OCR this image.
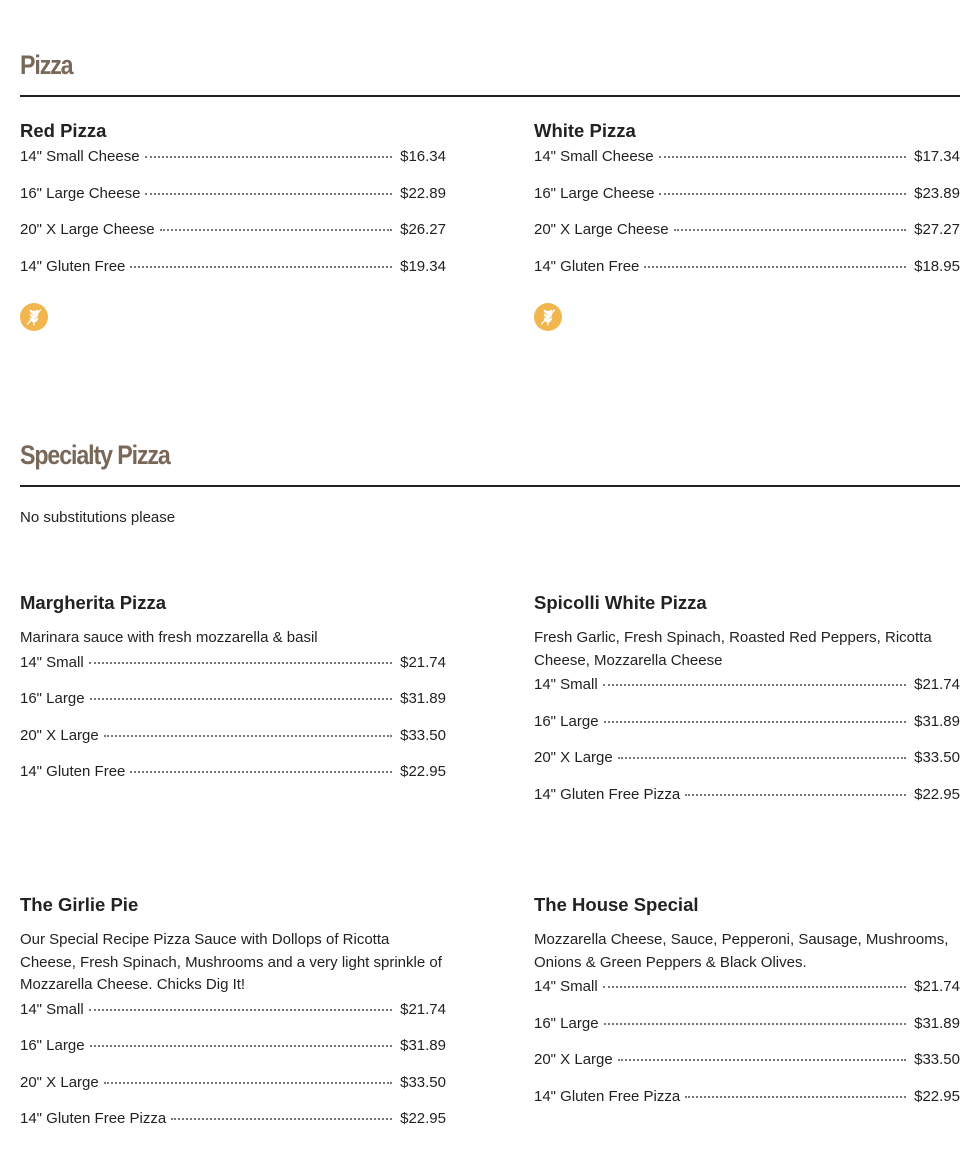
Pizza
Red Pizza
14" Small Cheese	$16.34
16" Large Cheese	$22.89
20" X Large Cheese	$26.27
14" Gluten Free	$19.34
White Pizza
14" Small Cheese	$17.34
16" Large Cheese	$23.89
20" X Large Cheese	$27.27
14" Gluten Free	$18.95
Specialty Pizza
No substitutions please
Margherita Pizza

Marinara sauce with fresh mozzarella & basil

14" Small	$21.74
16" Large	$31.89
20" X Large	$33.50
14" Gluten Free	$22.95
Spicolli White Pizza

Fresh Garlic, Fresh Spinach, Roasted Red Peppers, Ricotta Cheese, Mozzarella Cheese

14" Small	$21.74
16" Large	$31.89
20" X Large	$33.50
14" Gluten Free Pizza	$22.95
The Girlie Pie

Our Special Recipe Pizza Sauce with Dollops of Ricotta Cheese, Fresh Spinach, Mushrooms and a very light sprinkle of Mozzarella Cheese. Chicks Dig It!

14" Small	$21.74
16" Large	$31.89
20" X Large	$33.50
14" Gluten Free Pizza	$22.95
The House Special

Mozzarella Cheese, Sauce, Pepperoni, Sausage, Mushrooms, Onions & Green Peppers & Black Olives.

14" Small	$21.74
16" Large	$31.89
20" X Large	$33.50
14" Gluten Free Pizza	$22.95
